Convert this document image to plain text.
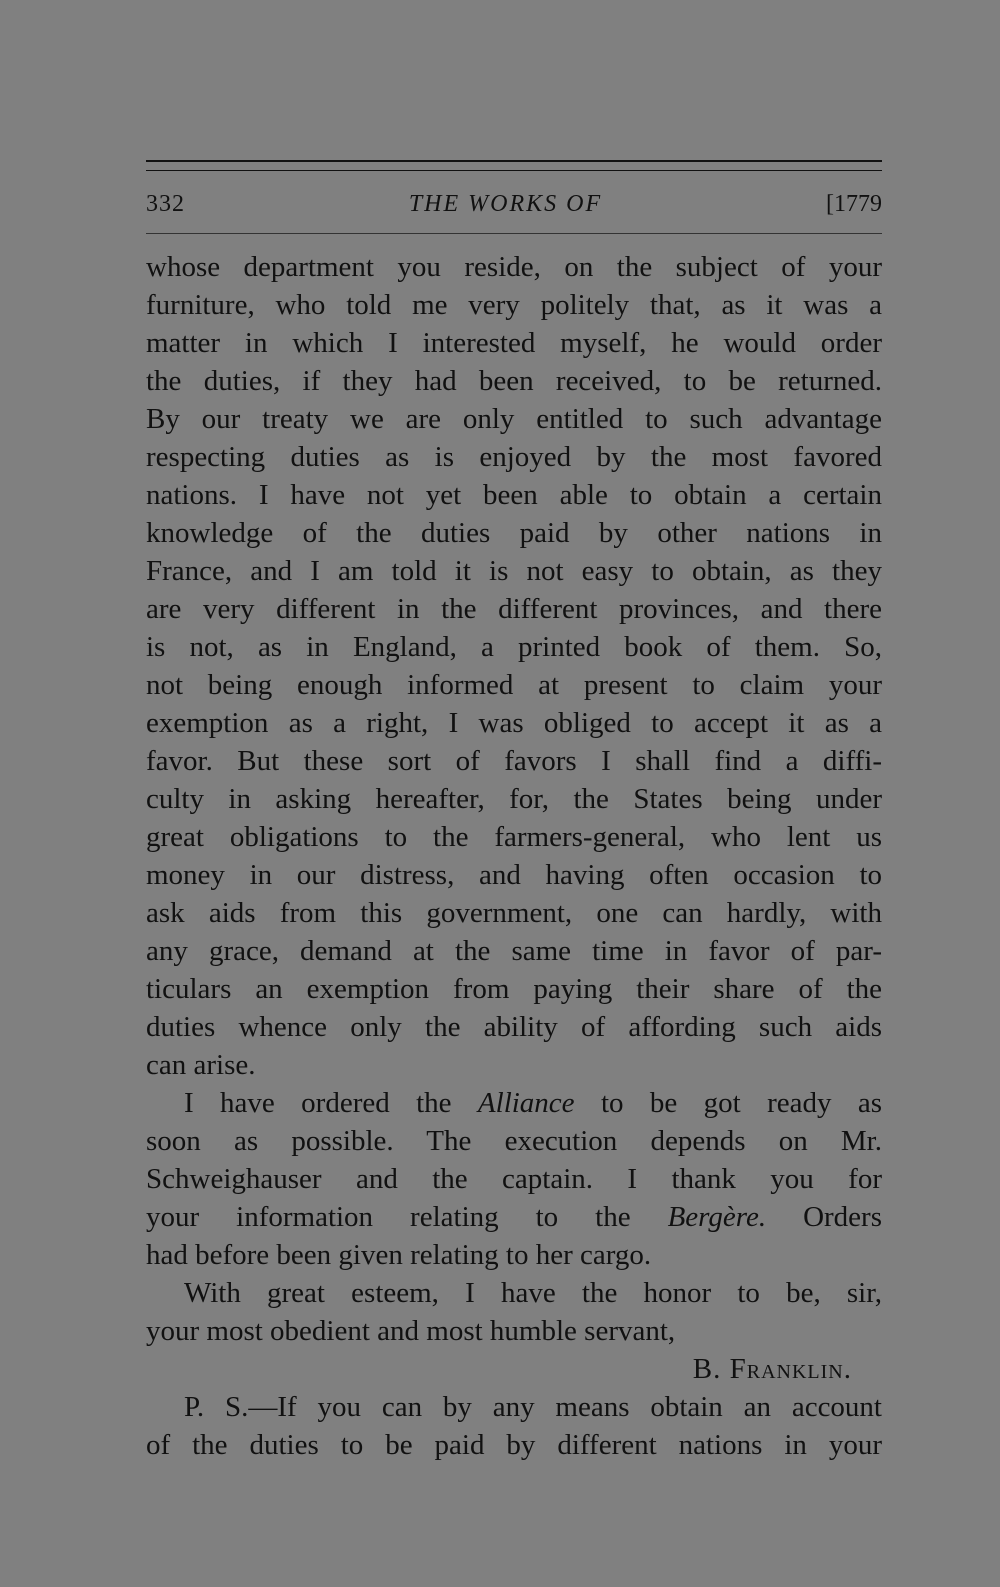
332	THE WORKS OF	[1779
whose department you reside, on the subject of your
furniture, who told me very politely that, as it was a
matter in which I interested myself, he would order
the duties, if they had been received, to be returned.
By our treaty we are only entitled to such advantage
respecting duties as is enjoyed by the most favored
nations. I have not yet been able to obtain a certain
knowledge of the duties paid by other nations in
France, and I am told it is not easy to obtain, as they
are very different in the different provinces, and there
is not, as in England, a printed book of them. So,
not being enough informed at present to claim your
exemption as a right, I was obliged to accept it as a
favor. But these sort of favors I shall find a diffi-
culty in asking hereafter, for, the States being under
great obligations to the farmers-general, who lent us
money in our distress, and having often occasion to
ask aids from this government, one can hardly, with
any grace, demand at the same time in favor of par-
ticulars an exemption from paying their share of the
duties whence only the ability of affording such aids
can arise.
I have ordered the Alliance to be got ready as
soon as possible. The execution depends on Mr.
Schweighauser and the captain. I thank you for
your information relating to the Bergère. Orders
had before been given relating to her cargo.
With great esteem, I have the honor to be, sir,
your most obedient and most humble servant,
B. Franklin.
P. S.—If you can by any means obtain an account
of the duties to be paid by different nations in your
